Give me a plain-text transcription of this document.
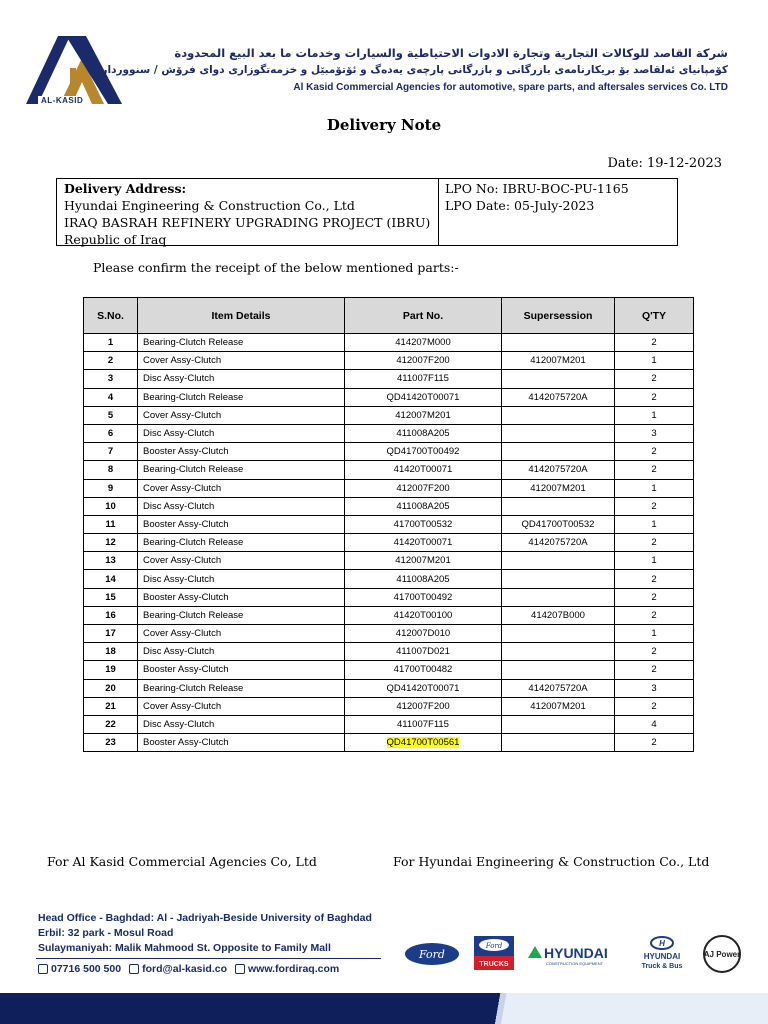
AL-KASID
شركة القاصد للوكالات التجارية وتجارة الادوات الاحتياطية والسيارات وخدمات ما بعد البيع المحدودة
کۆمپانیای ئەلقاصد بۆ بریکارنامەی بازرگانی و بازرگانی پارچەی یەدەگ و ئۆتۆمبێل و خزمەتگوزاری دوای فرۆش / سنووردار
Al Kasid Commercial Agencies for automotive, spare parts, and aftersales services Co. LTD
Delivery Note
Date: 19-12-2023
Delivery Address:
Hyundai Engineering & Construction Co., Ltd
IRAQ BASRAH REFINERY UPGRADING PROJECT (IBRU)
Republic of Iraq
LPO No: IBRU-BOC-PU-1165
LPO Date: 05-July-2023
Please confirm the receipt of the below mentioned parts:-
S.No.	Item Details	Part No.	Supersession	Q'TY
1	Bearing-Clutch Release	414207M000		2
2	Cover Assy-Clutch	412007F200	412007M201	1
3	Disc Assy-Clutch	411007F115		2
4	Bearing-Clutch Release	QD41420T00071	4142075720A	2
5	Cover Assy-Clutch	412007M201		1
6	Disc Assy-Clutch	411008A205		3
7	Booster Assy-Clutch	QD41700T00492		2
8	Bearing-Clutch Release	41420T00071	4142075720A	2
9	Cover Assy-Clutch	412007F200	412007M201	1
10	Disc Assy-Clutch	411008A205		2
11	Booster Assy-Clutch	41700T00532	QD41700T00532	1
12	Bearing-Clutch Release	41420T00071	4142075720A	2
13	Cover Assy-Clutch	412007M201		1
14	Disc Assy-Clutch	411008A205		2
15	Booster Assy-Clutch	41700T00492		2
16	Bearing-Clutch Release	41420T00100	414207B000	2
17	Cover Assy-Clutch	412007D010		1
18	Disc Assy-Clutch	411007D021		2
19	Booster Assy-Clutch	41700T00482		2
20	Bearing-Clutch Release	QD41420T00071	4142075720A	3
21	Cover Assy-Clutch	412007F200	412007M201	2
22	Disc Assy-Clutch	411007F115		4
23	Booster Assy-Clutch	QD41700T00561		2
For Al Kasid Commercial Agencies Co, Ltd	For Hyundai Engineering & Construction Co., Ltd
Head Office - Baghdad: Al - Jadriyah-Beside University of Baghdad
Erbil: 32 park - Mosul Road
Sulaymaniyah: Malik Mahmood St. Opposite to Family Mall
07716 500 500	ford@al-kasid.co	www.fordiraq.com
Ford
Ford
TRUCKS
HYUNDAI
CONSTRUCTION EQUIPMENT
H
HYUNDAI
Truck & Bus
AJ Power
